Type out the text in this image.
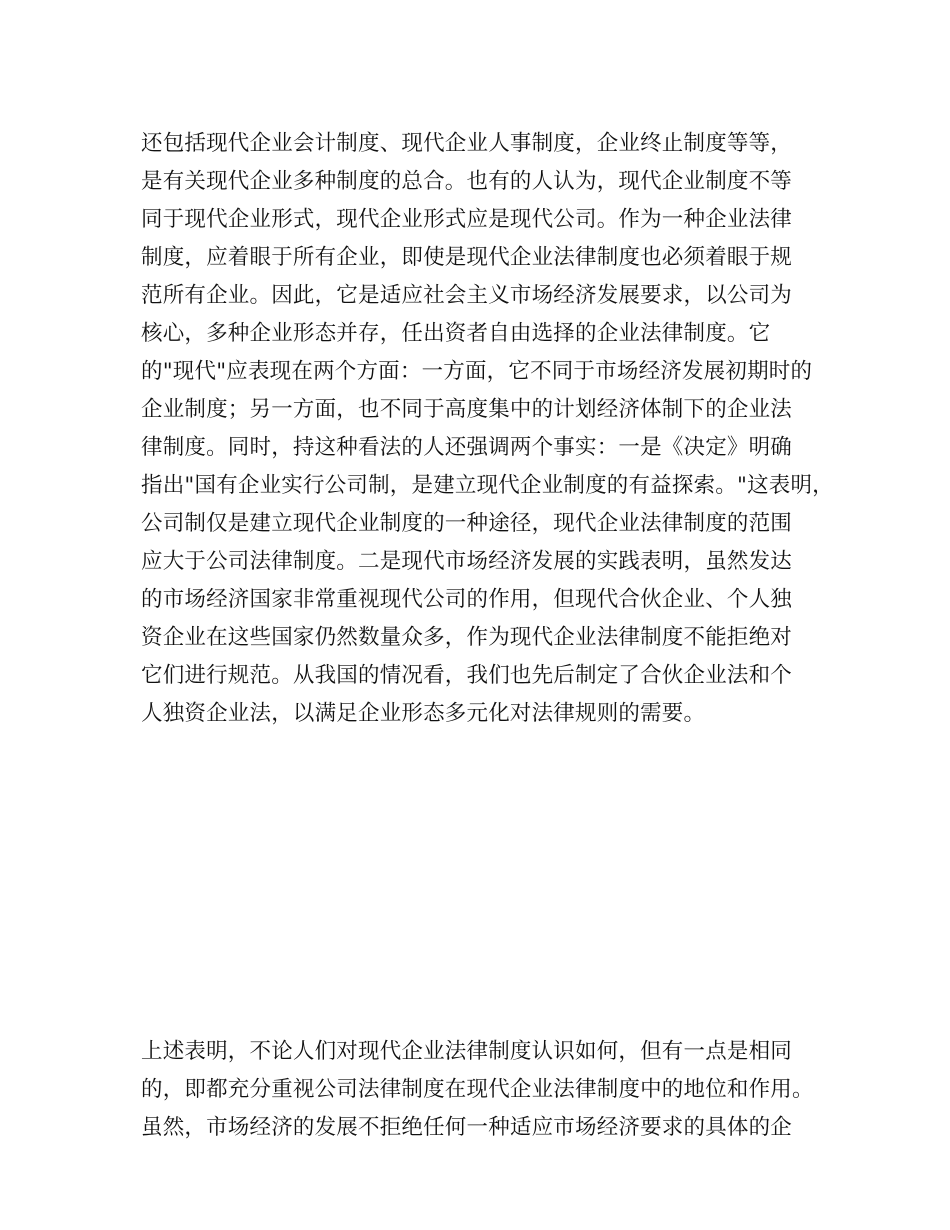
还包括现代企业会计制度、现代企业人事制度，企业终止制度等等，
是有关现代企业多种制度的总合。也有的人认为，现代企业制度不等
同于现代企业形式，现代企业形式应是现代公司。作为一种企业法律
制度，应着眼于所有企业，即使是现代企业法律制度也必须着眼于规
范所有企业。因此，它是适应社会主义市场经济发展要求，以公司为
核心，多种企业形态并存，任出资者自由选择的企业法律制度。它
的"现代"应表现在两个方面：一方面，它不同于市场经济发展初期时的
企业制度；另一方面，也不同于高度集中的计划经济体制下的企业法
律制度。同时，持这种看法的人还强调两个事实：一是《决定》明确
指出"国有企业实行公司制，是建立现代企业制度的有益探索。"这表明，
公司制仅是建立现代企业制度的一种途径，现代企业法律制度的范围
应大于公司法律制度。二是现代市场经济发展的实践表明，虽然发达
的市场经济国家非常重视现代公司的作用，但现代合伙企业、个人独
资企业在这些国家仍然数量众多，作为现代企业法律制度不能拒绝对
它们进行规范。从我国的情况看，我们也先后制定了合伙企业法和个
人独资企业法，以满足企业形态多元化对法律规则的需要。
上述表明，不论人们对现代企业法律制度认识如何，但有一点是相同
的，即都充分重视公司法律制度在现代企业法律制度中的地位和作用。
虽然，市场经济的发展不拒绝任何一种适应市场经济要求的具体的企
